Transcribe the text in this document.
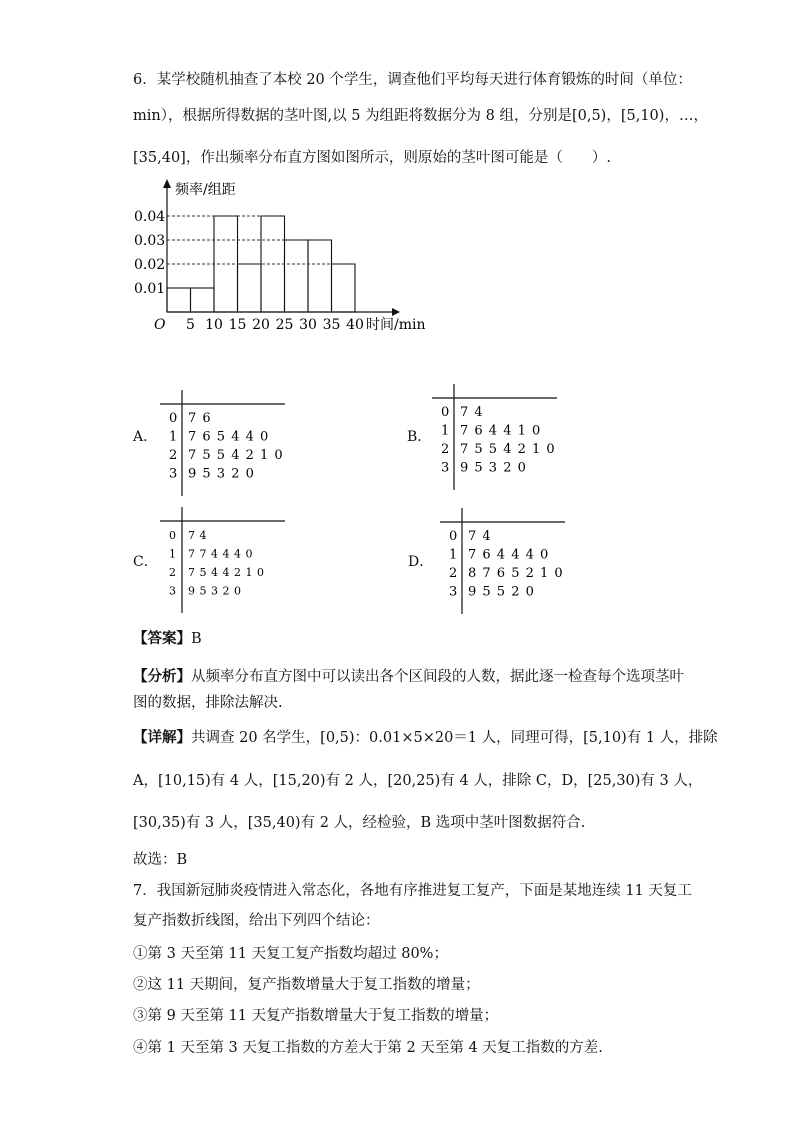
6．某学校随机抽查了本校 20 个学生，调查他们平均每天进行体育锻炼的时间（单位：
min），根据所得数据的茎叶图,以 5 为组距将数据分为 8 组，分别是[0,5)，[5,10)，…，
[35,40]，作出频率分布直方图如图所示，则原始的茎叶图可能是（　　）.
频率/组距
时间/min
O
0.01
0.02
0.03
0.04
5 10 15 20 25 30 35 40
0 7 6
1 7 6 5 4 4 0
2 7 5 5 4 2 1 0
3 9 5 3 2 0
A．
0 7 4
1 7 6 4 4 1 0
2 7 5 5 4 2 1 0
3 9 5 3 2 0
B．
0 7 4
1 7 7 4 4 4 0
2 7 5 4 4 2 1 0
3 9 5 3 2 0
C．
0 7 4
1 7 6 4 4 4 0
2 8 7 6 5 2 1 0
3 9 5 5 2 0
D．
【答案】B
【分析】从频率分布直方图中可以读出各个区间段的人数，据此逐一检查每个选项茎叶
图的数据，排除法解决.
【详解】共调查 20 名学生，[0,5)：0.01×5×20＝1 人，同理可得，[5,10)有 1 人，排除
A，[10,15)有 4 人，[15,20)有 2 人，[20,25)有 4 人，排除 C，D，[25,30)有 3 人，
[30,35)有 3 人，[35,40)有 2 人，经检验，B 选项中茎叶图数据符合.
故选：B
7．我国新冠肺炎疫情进入常态化，各地有序推进复工复产，下面是某地连续 11 天复工
复产指数折线图，给出下列四个结论：
①第 3 天至第 11 天复工复产指数均超过 80%；
②这 11 天期间，复产指数增量大于复工指数的增量；
③第 9 天至第 11 天复产指数增量大于复工指数的增量；
④第 1 天至第 3 天复工指数的方差大于第 2 天至第 4 天复工指数的方差.
